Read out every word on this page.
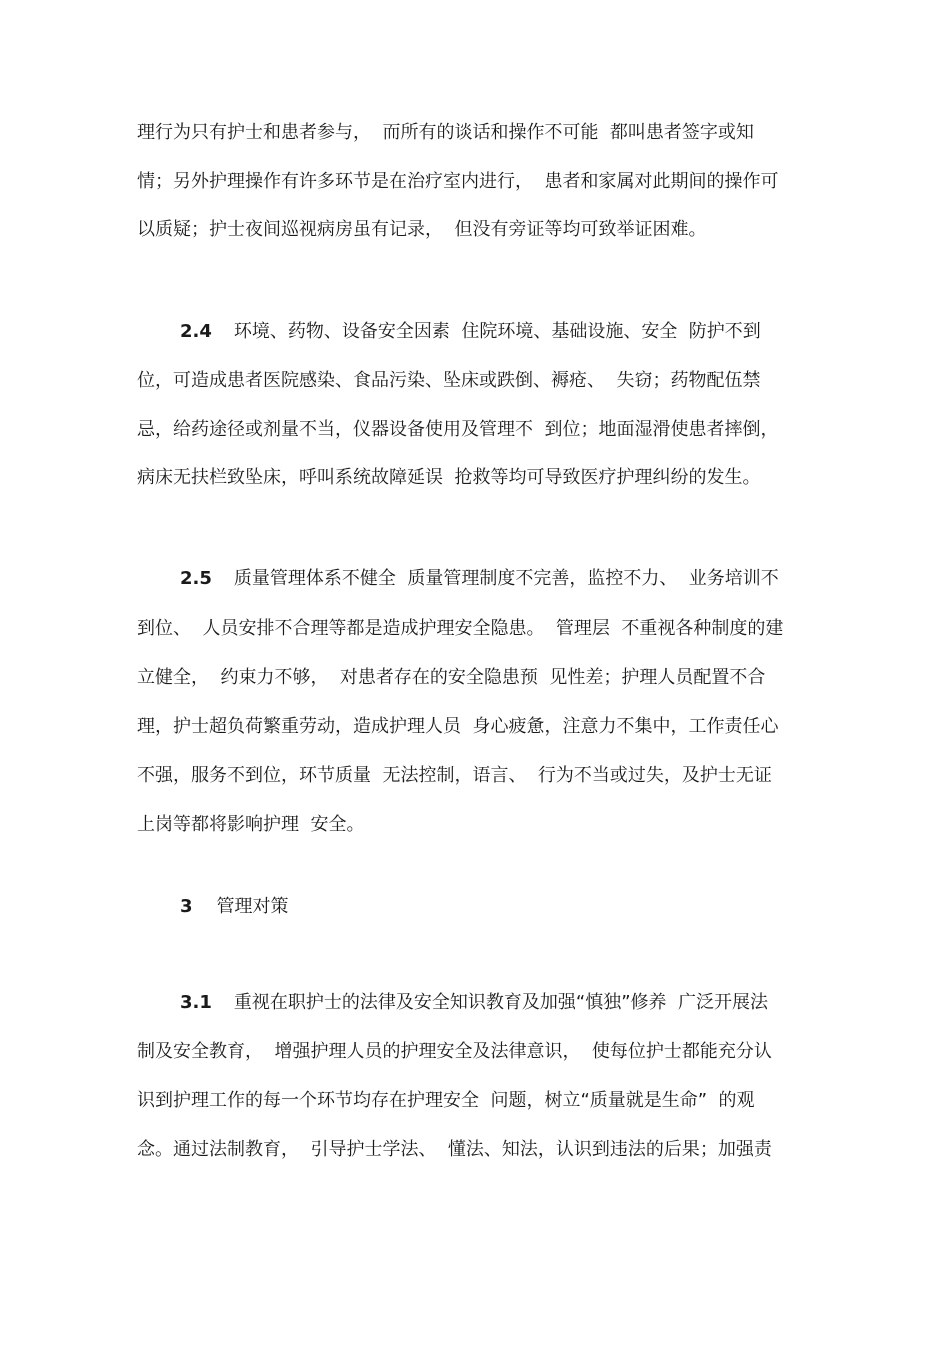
理行为只有护士和患者参与，  而所有的谈话和操作不可能  都叫患者签字或知
情；另外护理操作有许多环节是在治疗室内进行，  患者和家属对此期间的操作可
以质疑；护士夜间巡视病房虽有记录，  但没有旁证等均可致举证困难。
2.4 环境、药物、设备安全因素  住院环境、基础设施、安全  防护不到
位，可造成患者医院感染、食品污染、坠床或跌倒、褥疮、  失窃；药物配伍禁
忌，给药途径或剂量不当，仪器设备使用及管理不  到位；地面湿滑使患者摔倒，
病床无扶栏致坠床，呼叫系统故障延误  抢救等均可导致医疗护理纠纷的发生。
2.5 质量管理体系不健全  质量管理制度不完善，监控不力、  业务培训不
到位、  人员安排不合理等都是造成护理安全隐患。  管理层  不重视各种制度的建
立健全，  约束力不够，  对患者存在的安全隐患预  见性差；护理人员配置不合
理，护士超负荷繁重劳动，造成护理人员  身心疲惫，注意力不集中，工作责任心
不强，服务不到位，环节质量  无法控制，语言、  行为不当或过失，及护士无证
上岗等都将影响护理  安全。
3 管理对策
3.1 重视在职护士的法律及安全知识教育及加强“慎独”修养  广泛开展法
制及安全教育，  增强护理人员的护理安全及法律意识，  使每位护士都能充分认
识到护理工作的每一个环节均存在护理安全  问题，树立“质量就是生命”  的观
念。通过法制教育，  引导护士学法、  懂法、知法，认识到违法的后果；加强责
